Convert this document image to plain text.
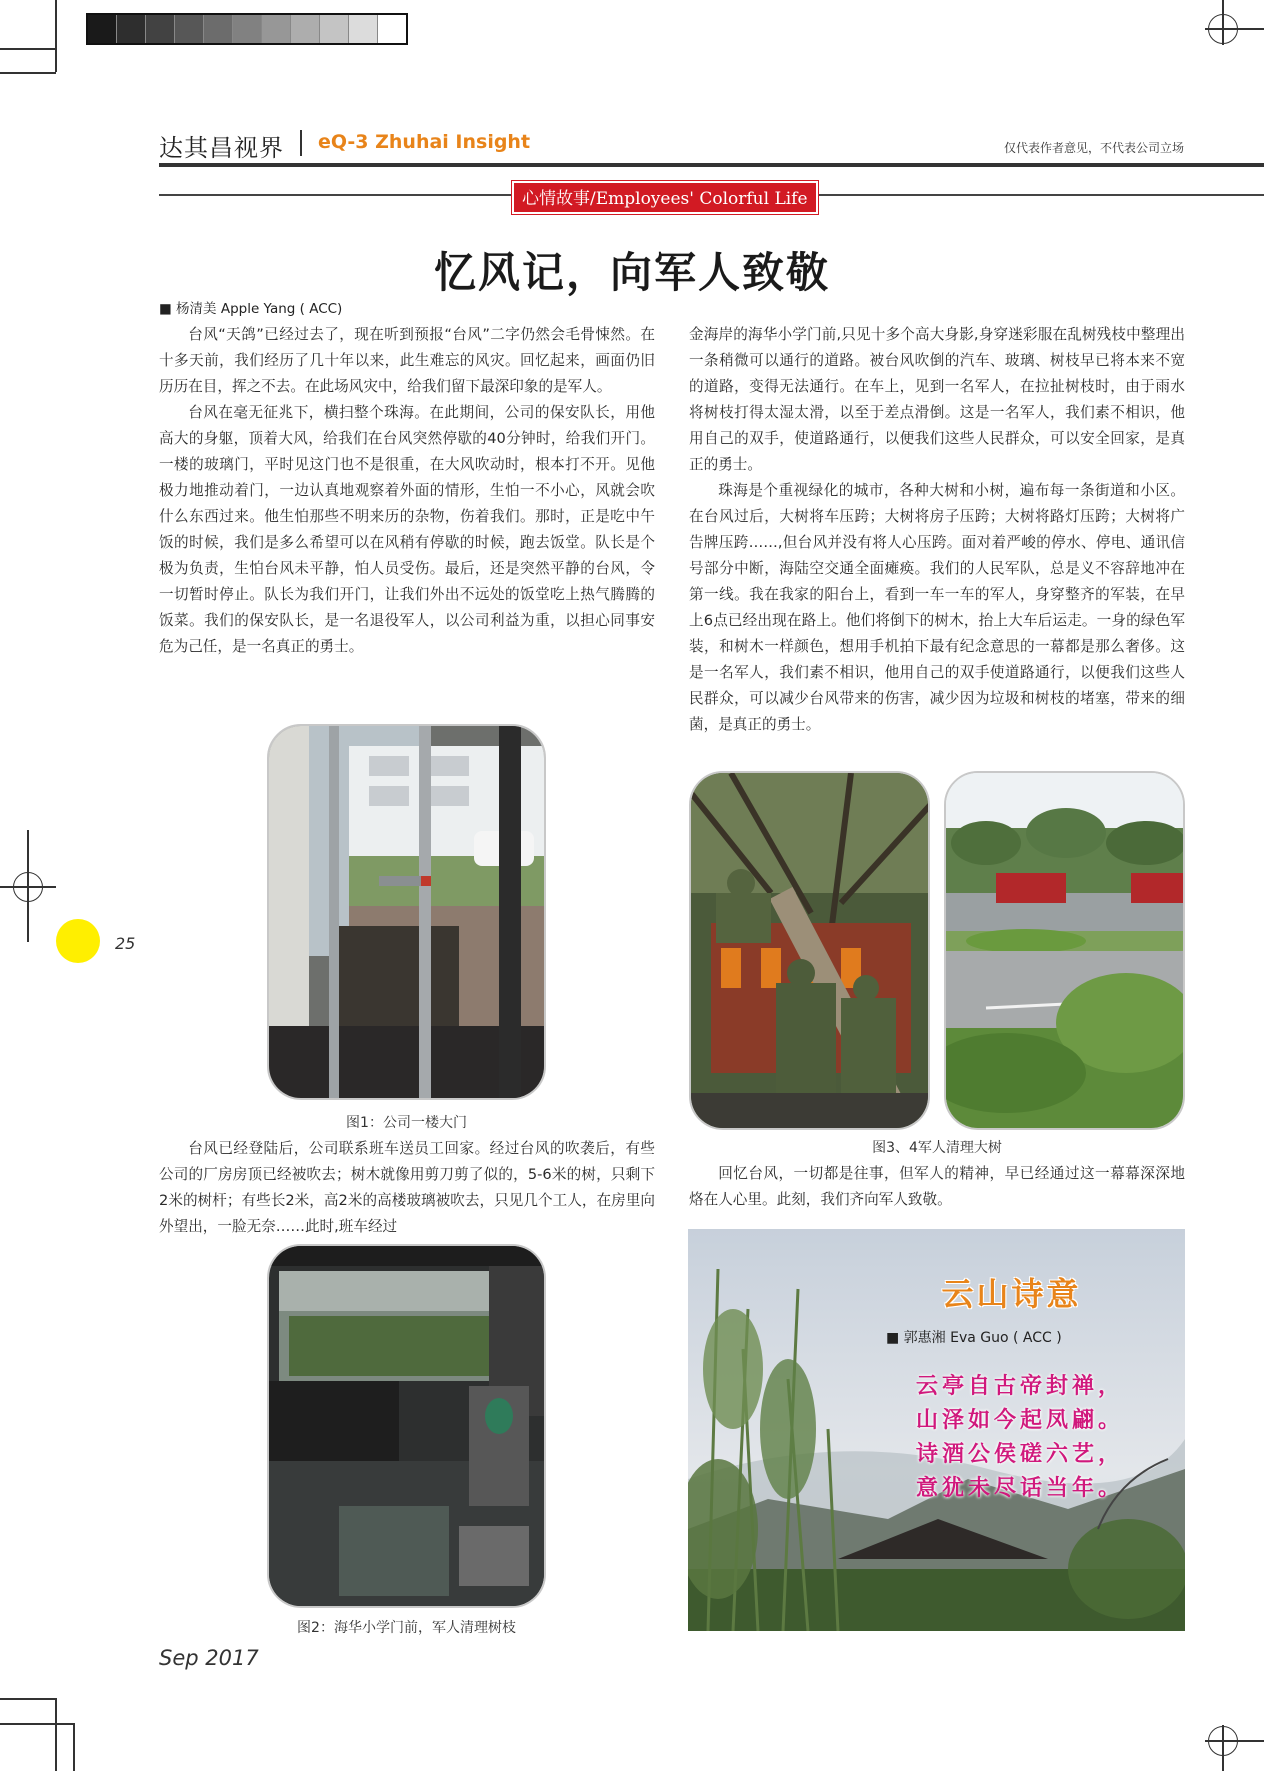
达其昌视界 eQ-3 Zhuhai Insight	仅代表作者意见，不代表公司立场
心情故事/Employees' Colorful Life
忆风记，向军人致敬
■ 杨清美 Apple Yang ( ACC)

台风“天鸽”已经过去了，现在听到预报“台风”二字仍然会毛骨悚然。在十多天前，我们经历了几十年以来，此生难忘的风灾。回忆起来，画面仍旧历历在目，挥之不去。在此场风灾中，给我们留下最深印象的是军人。

台风在毫无征兆下，横扫整个珠海。在此期间，公司的保安队长，用他高大的身躯，顶着大风，给我们在台风突然停歇的40分钟时，给我们开门。一楼的玻璃门，平时见这门也不是很重，在大风吹动时，根本打不开。见他极力地推动着门，一边认真地观察着外面的情形，生怕一不小心，风就会吹什么东西过来。他生怕那些不明来历的杂物，伤着我们。那时，正是吃中午饭的时候，我们是多么希望可以在风稍有停歇的时候，跑去饭堂。队长是个极为负责，生怕台风未平静，怕人员受伤。最后，还是突然平静的台风，令一切暂时停止。队长为我们开门，让我们外出不远处的饭堂吃上热气腾腾的饭菜。我们的保安队长，是一名退役军人，以公司利益为重，以担心同事安危为己任，是一名真正的勇士。

图1：公司一楼大门

台风已经登陆后，公司联系班车送员工回家。经过台风的吹袭后，有些公司的厂房房顶已经被吹去；树木就像用剪刀剪了似的，5-6米的树，只剩下2米的树杆；有些长2米，高2米的高楼玻璃被吹去，只见几个工人，在房里向外望出，一脸无奈……此时,班车经过

图2：海华小学门前，军人清理树枝

金海岸的海华小学门前,只见十多个高大身影,身穿迷彩服在乱树残枝中整理出一条稍微可以通行的道路。被台风吹倒的汽车、玻璃、树枝早已将本来不宽的道路，变得无法通行。在车上，见到一名军人，在拉扯树枝时，由于雨水将树枝打得太湿太滑，以至于差点滑倒。这是一名军人，我们素不相识，他用自己的双手，使道路通行，以便我们这些人民群众，可以安全回家，是真正的勇士。

珠海是个重视绿化的城市，各种大树和小树，遍布每一条街道和小区。在台风过后，大树将车压跨；大树将房子压跨；大树将路灯压跨；大树将广告牌压跨……,但台风并没有将人心压跨。面对着严峻的停水、停电、通讯信号部分中断，海陆空交通全面瘫痪。我们的人民军队，总是义不容辞地冲在第一线。我在我家的阳台上，看到一车一车的军人，身穿整齐的军装，在早上6点已经出现在路上。他们将倒下的树木，抬上大车后运走。一身的绿色军装，和树木一样颜色，想用手机拍下最有纪念意思的一幕都是那么奢侈。这是一名军人，我们素不相识，他用自己的双手使道路通行，以便我们这些人民群众，可以减少台风带来的伤害，减少因为垃圾和树枝的堵塞，带来的细菌，是真正的勇士。

图3、4军人清理大树

回忆台风，一切都是往事，但军人的精神，早已经通过这一幕幕深深地烙在人心里。此刻，我们齐向军人致敬。

云山诗意
■ 郭惠湘 Eva Guo ( ACC )
云亭自古帝封禅，
山泽如今起凤翩。
诗酒公侯磋六艺，
意犹未尽话当年。
25
Sep 2017
